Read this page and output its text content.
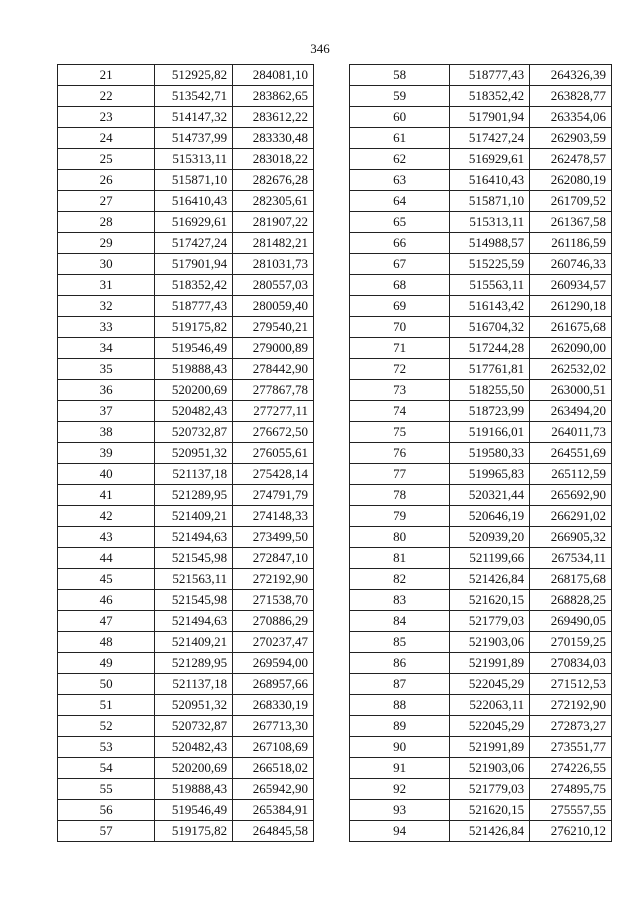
346
21	512925,82	284081,10
22	513542,71	283862,65
23	514147,32	283612,22
24	514737,99	283330,48
25	515313,11	283018,22
26	515871,10	282676,28
27	516410,43	282305,61
28	516929,61	281907,22
29	517427,24	281482,21
30	517901,94	281031,73
31	518352,42	280557,03
32	518777,43	280059,40
33	519175,82	279540,21
34	519546,49	279000,89
35	519888,43	278442,90
36	520200,69	277867,78
37	520482,43	277277,11
38	520732,87	276672,50
39	520951,32	276055,61
40	521137,18	275428,14
41	521289,95	274791,79
42	521409,21	274148,33
43	521494,63	273499,50
44	521545,98	272847,10
45	521563,11	272192,90
46	521545,98	271538,70
47	521494,63	270886,29
48	521409,21	270237,47
49	521289,95	269594,00
50	521137,18	268957,66
51	520951,32	268330,19
52	520732,87	267713,30
53	520482,43	267108,69
54	520200,69	266518,02
55	519888,43	265942,90
56	519546,49	265384,91
57	519175,82	264845,58
58	518777,43	264326,39
59	518352,42	263828,77
60	517901,94	263354,06
61	517427,24	262903,59
62	516929,61	262478,57
63	516410,43	262080,19
64	515871,10	261709,52
65	515313,11	261367,58
66	514988,57	261186,59
67	515225,59	260746,33
68	515563,11	260934,57
69	516143,42	261290,18
70	516704,32	261675,68
71	517244,28	262090,00
72	517761,81	262532,02
73	518255,50	263000,51
74	518723,99	263494,20
75	519166,01	264011,73
76	519580,33	264551,69
77	519965,83	265112,59
78	520321,44	265692,90
79	520646,19	266291,02
80	520939,20	266905,32
81	521199,66	267534,11
82	521426,84	268175,68
83	521620,15	268828,25
84	521779,03	269490,05
85	521903,06	270159,25
86	521991,89	270834,03
87	522045,29	271512,53
88	522063,11	272192,90
89	522045,29	272873,27
90	521991,89	273551,77
91	521903,06	274226,55
92	521779,03	274895,75
93	521620,15	275557,55
94	521426,84	276210,12
